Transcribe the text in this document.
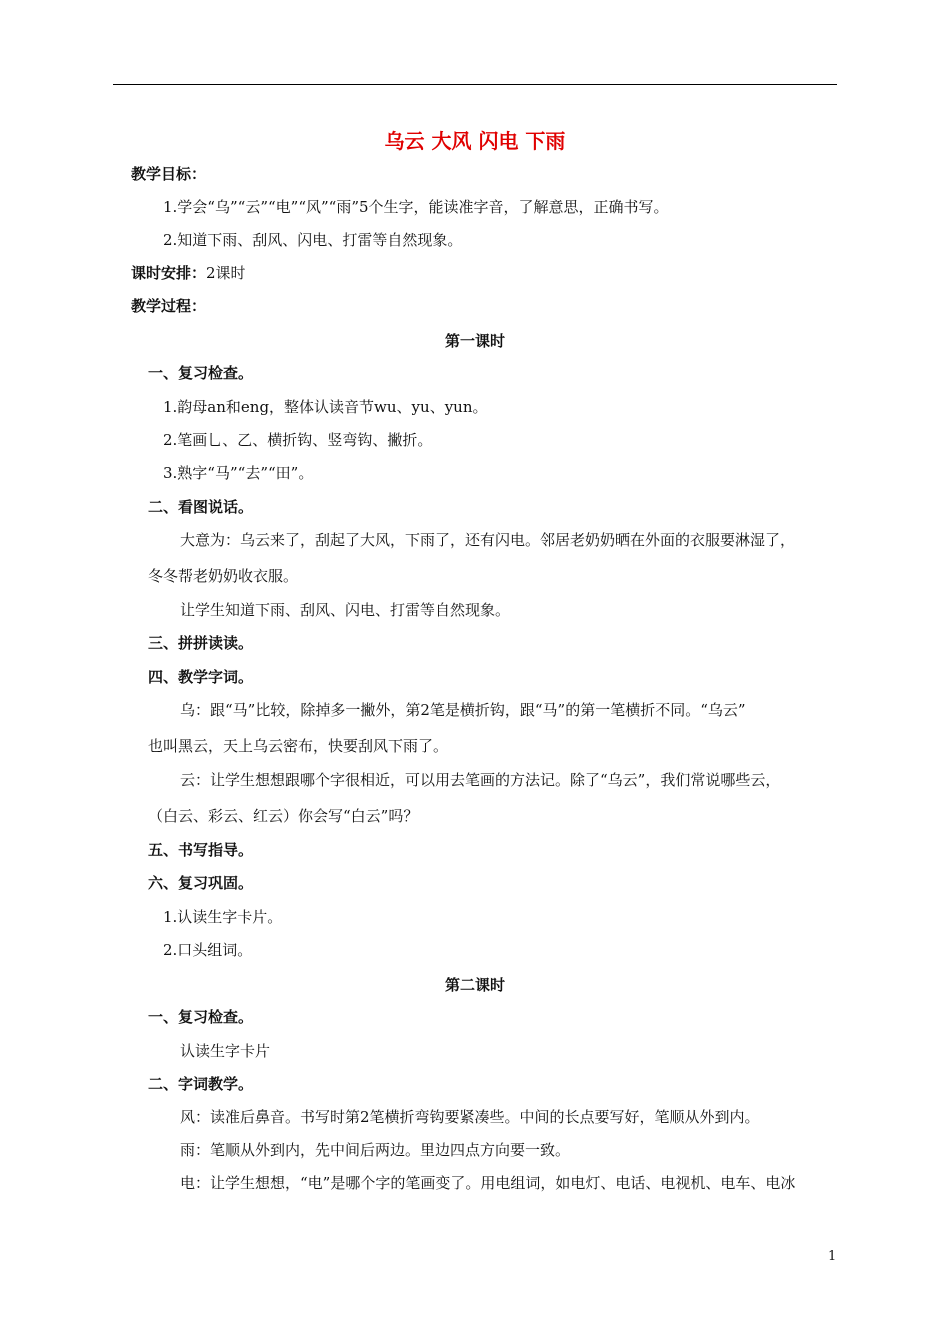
乌云 大风 闪电 下雨
教学目标：
1.学会“乌”“云”“电”“风”“雨”5个生字，能读准字音，了解意思，正确书写。
2.知道下雨、刮风、闪电、打雷等自然现象。
课时安排：2课时
教学过程：
第一课时
一、复习检查。
1.韵母an和eng，整体认读音节wu、yu、yun。
2.笔画乚、乙、横折钩、竖弯钩、撇折。
3.熟字“马”“去”“田”。
二、看图说话。
大意为：乌云来了，刮起了大风，下雨了，还有闪电。邻居老奶奶晒在外面的衣服要淋湿了，
冬冬帮老奶奶收衣服。
让学生知道下雨、刮风、闪电、打雷等自然现象。
三、拼拼读读。
四、教学字词。
乌：跟“马”比较，除掉多一撇外，第2笔是横折钩，跟“马”的第一笔横折不同。“乌云”
也叫黑云，天上乌云密布，快要刮风下雨了。
云：让学生想想跟哪个字很相近，可以用去笔画的方法记。除了“乌云”，我们常说哪些云，
（白云、彩云、红云）你会写“白云”吗？
五、书写指导。
六、复习巩固。
1.认读生字卡片。
2.口头组词。
第二课时
一、复习检查。
认读生字卡片
二、字词教学。
风：读准后鼻音。书写时第2笔横折弯钩要紧凑些。中间的长点要写好，笔顺从外到内。
雨：笔顺从外到内，先中间后两边。里边四点方向要一致。
电：让学生想想，“电”是哪个字的笔画变了。用电组词，如电灯、电话、电视机、电车、电冰
1
